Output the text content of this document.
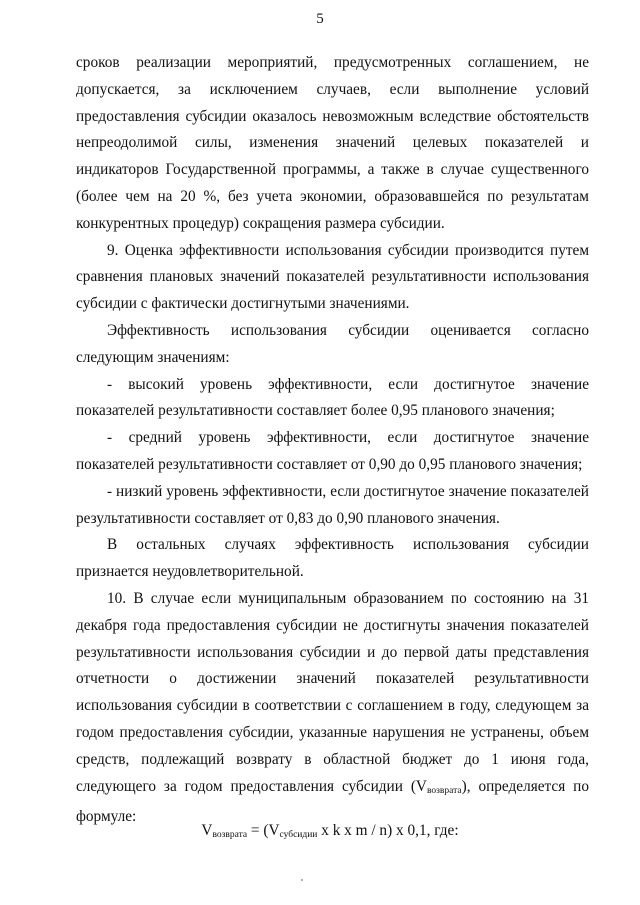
5

сроков реализации мероприятий, предусмотренных соглашением, не допускается, за исключением случаев, если выполнение условий предоставления субсидии оказалось невозможным вследствие обстоятельств непреодолимой силы, изменения значений целевых показателей и индикаторов Государственной программы, а также в случае существенного (более чем на 20 %, без учета экономии, образовавшейся по результатам конкурентных процедур) сокращения размера субсидии.

9. Оценка эффективности использования субсидии производится путем сравнения плановых значений показателей результативности использования субсидии с фактически достигнутыми значениями.

Эффективность использования субсидии оценивается согласно следующим значениям:

- высокий уровень эффективности, если достигнутое значение показателей результативности составляет более 0,95 планового значения;

- средний уровень эффективности, если достигнутое значение показателей результативности составляет от 0,90 до 0,95 планового значения;

- низкий уровень эффективности, если достигнутое значение показателей результативности составляет от 0,83 до 0,90 планового значения.

В остальных случаях эффективность использования субсидии признается неудовлетворительной.

10. В случае если муниципальным образованием по состоянию на 31 декабря года предоставления субсидии не достигнуты значения показателей результативности использования субсидии и до первой даты представления отчетности о достижении значений показателей результативности использования субсидии в соответствии с соглашением в году, следующем за годом предоставления субсидии, указанные нарушения не устранены, объем средств, подлежащий возврату в областной бюджет до 1 июня года, следующего за годом предоставления субсидии $(V_{возврата})$, определяется по формуле:

$V_{возврата} = (V_{субсидии}$ x k x m / n) x 0,1, где:
